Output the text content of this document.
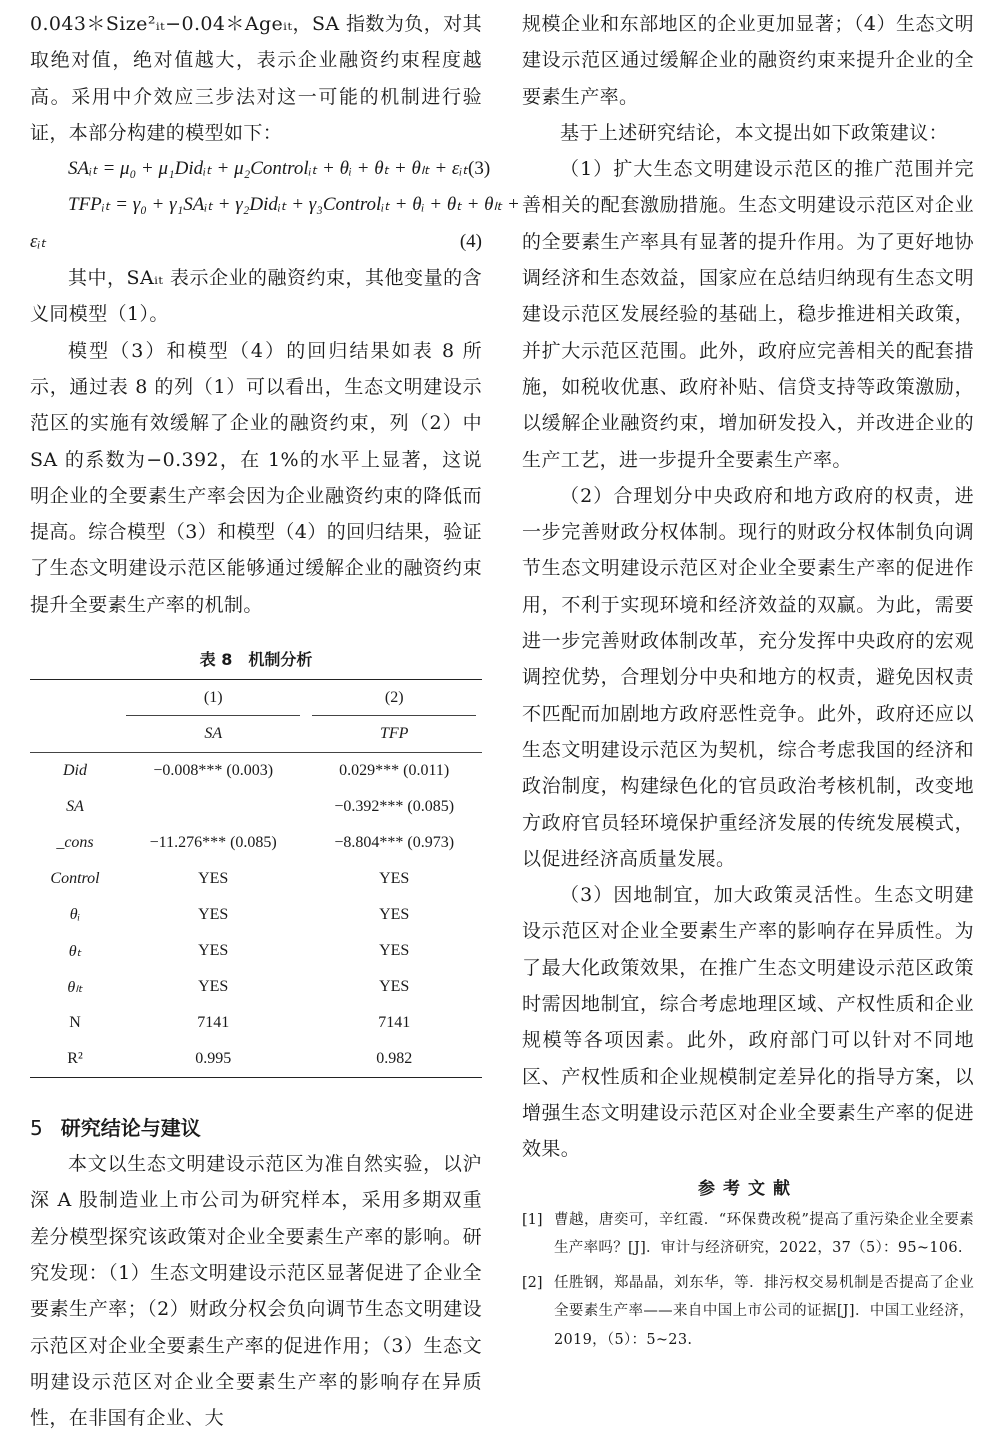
0.043＊Size²ᵢₜ−0.04＊Ageᵢₜ，SA 指数为负，对其取绝对值，绝对值越大，表示企业融资约束程度越高。采用中介效应三步法对这一可能的机制进行验证，本部分构建的模型如下：

SAᵢₜ = μ₀ + μ₁Didᵢₜ + μ₂Controlᵢₜ + θᵢ + θₜ + θₗₜ + εᵢₜ (3)
TFPᵢₜ = γ₀ + γ₁SAᵢₜ + γ₂Didᵢₜ + γ₃Controlᵢₜ + θᵢ + θₜ + θₗₜ +
εᵢₜ	(4)

其中，SAᵢₜ 表示企业的融资约束，其他变量的含义同模型（1）。

模型（3）和模型（4）的回归结果如表 8 所示，通过表 8 的列（1）可以看出，生态文明建设示范区的实施有效缓解了企业的融资约束，列（2）中 SA 的系数为−0.392，在 1%的水平上显著，这说明企业的全要素生产率会因为企业融资约束的降低而提高。综合模型（3）和模型（4）的回归结果，验证了生态文明建设示范区能够通过缓解企业的融资约束提升全要素生产率的机制。

表 8　机制分析
	(1)	(2)
	SA	TFP
Did	−0.008*** (0.003)	0.029*** (0.011)
SA		−0.392*** (0.085)
_cons	−11.276*** (0.085)	−8.804*** (0.973)
Control	YES	YES
θᵢ	YES	YES
θₜ	YES	YES
θₗₜ	YES	YES
N	7141	7141
R²	0.995	0.982
5 研究结论与建议

本文以生态文明建设示范区为准自然实验，以沪深 A 股制造业上市公司为研究样本，采用多期双重差分模型探究该政策对企业全要素生产率的影响。研究发现：（1）生态文明建设示范区显著促进了企业全要素生产率；（2）财政分权会负向调节生态文明建设示范区对企业全要素生产率的促进作用；（3）生态文明建设示范区对企业全要素生产率的影响存在异质性，在非国有企业、大

规模企业和东部地区的企业更加显著；（4）生态文明建设示范区通过缓解企业的融资约束来提升企业的全要素生产率。

基于上述研究结论，本文提出如下政策建议：

（1）扩大生态文明建设示范区的推广范围并完善相关的配套激励措施。生态文明建设示范区对企业的全要素生产率具有显著的提升作用。为了更好地协调经济和生态效益，国家应在总结归纳现有生态文明建设示范区发展经验的基础上，稳步推进相关政策，并扩大示范区范围。此外，政府应完善相关的配套措施，如税收优惠、政府补贴、信贷支持等政策激励，以缓解企业融资约束，增加研发投入，并改进企业的生产工艺，进一步提升全要素生产率。

（2）合理划分中央政府和地方政府的权责，进一步完善财政分权体制。现行的财政分权体制负向调节生态文明建设示范区对企业全要素生产率的促进作用，不利于实现环境和经济效益的双赢。为此，需要进一步完善财政体制改革，充分发挥中央政府的宏观调控优势，合理划分中央和地方的权责，避免因权责不匹配而加剧地方政府恶性竞争。此外，政府还应以生态文明建设示范区为契机，综合考虑我国的经济和政治制度，构建绿色化的官员政治考核机制，改变地方政府官员轻环境保护重经济发展的传统发展模式，以促进经济高质量发展。

（3）因地制宜，加大政策灵活性。生态文明建设示范区对企业全要素生产率的影响存在异质性。为了最大化政策效果，在推广生态文明建设示范区政策时需因地制宜，综合考虑地理区域、产权性质和企业规模等各项因素。此外，政府部门可以针对不同地区、产权性质和企业规模制定差异化的指导方案，以增强生态文明建设示范区对企业全要素生产率的促进效果。

参考文献
[1] 曹越，唐奕可，辛红霞．“环保费改税”提高了重污染企业全要素生产率吗？[J]．审计与经济研究，2022，37（5）：95~106.
[2] 任胜钢，郑晶晶，刘东华，等．排污权交易机制是否提高了企业全要素生产率——来自中国上市公司的证据[J]．中国工业经济，2019，（5）：5~23.
